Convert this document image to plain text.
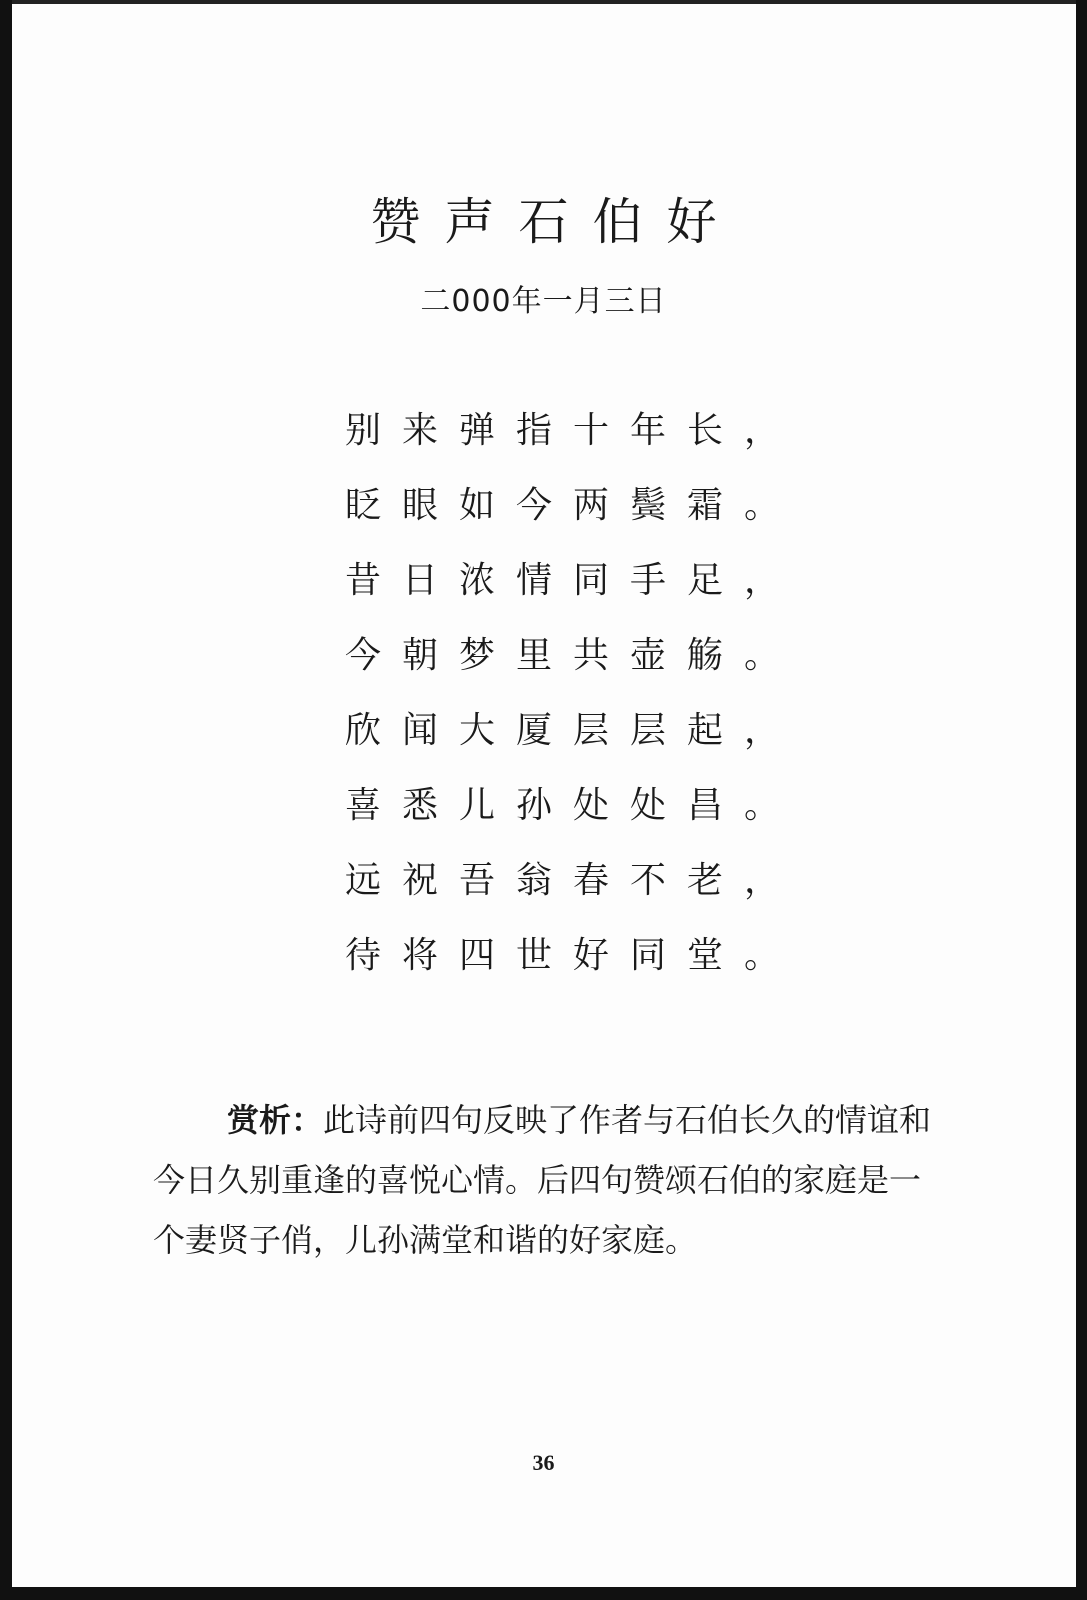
赞声石伯好
二000年一月三日
别来弹指十年长，
眨眼如今两鬓霜。
昔日浓情同手足，
今朝梦里共壶觞。
欣闻大厦层层起，
喜悉儿孙处处昌。
远祝吾翁春不老，
待将四世好同堂。
赏析：此诗前四句反映了作者与石伯长久的情谊和今日久别重逢的喜悦心情。后四句赞颂石伯的家庭是一个妻贤子俏，儿孙满堂和谐的好家庭。
36
